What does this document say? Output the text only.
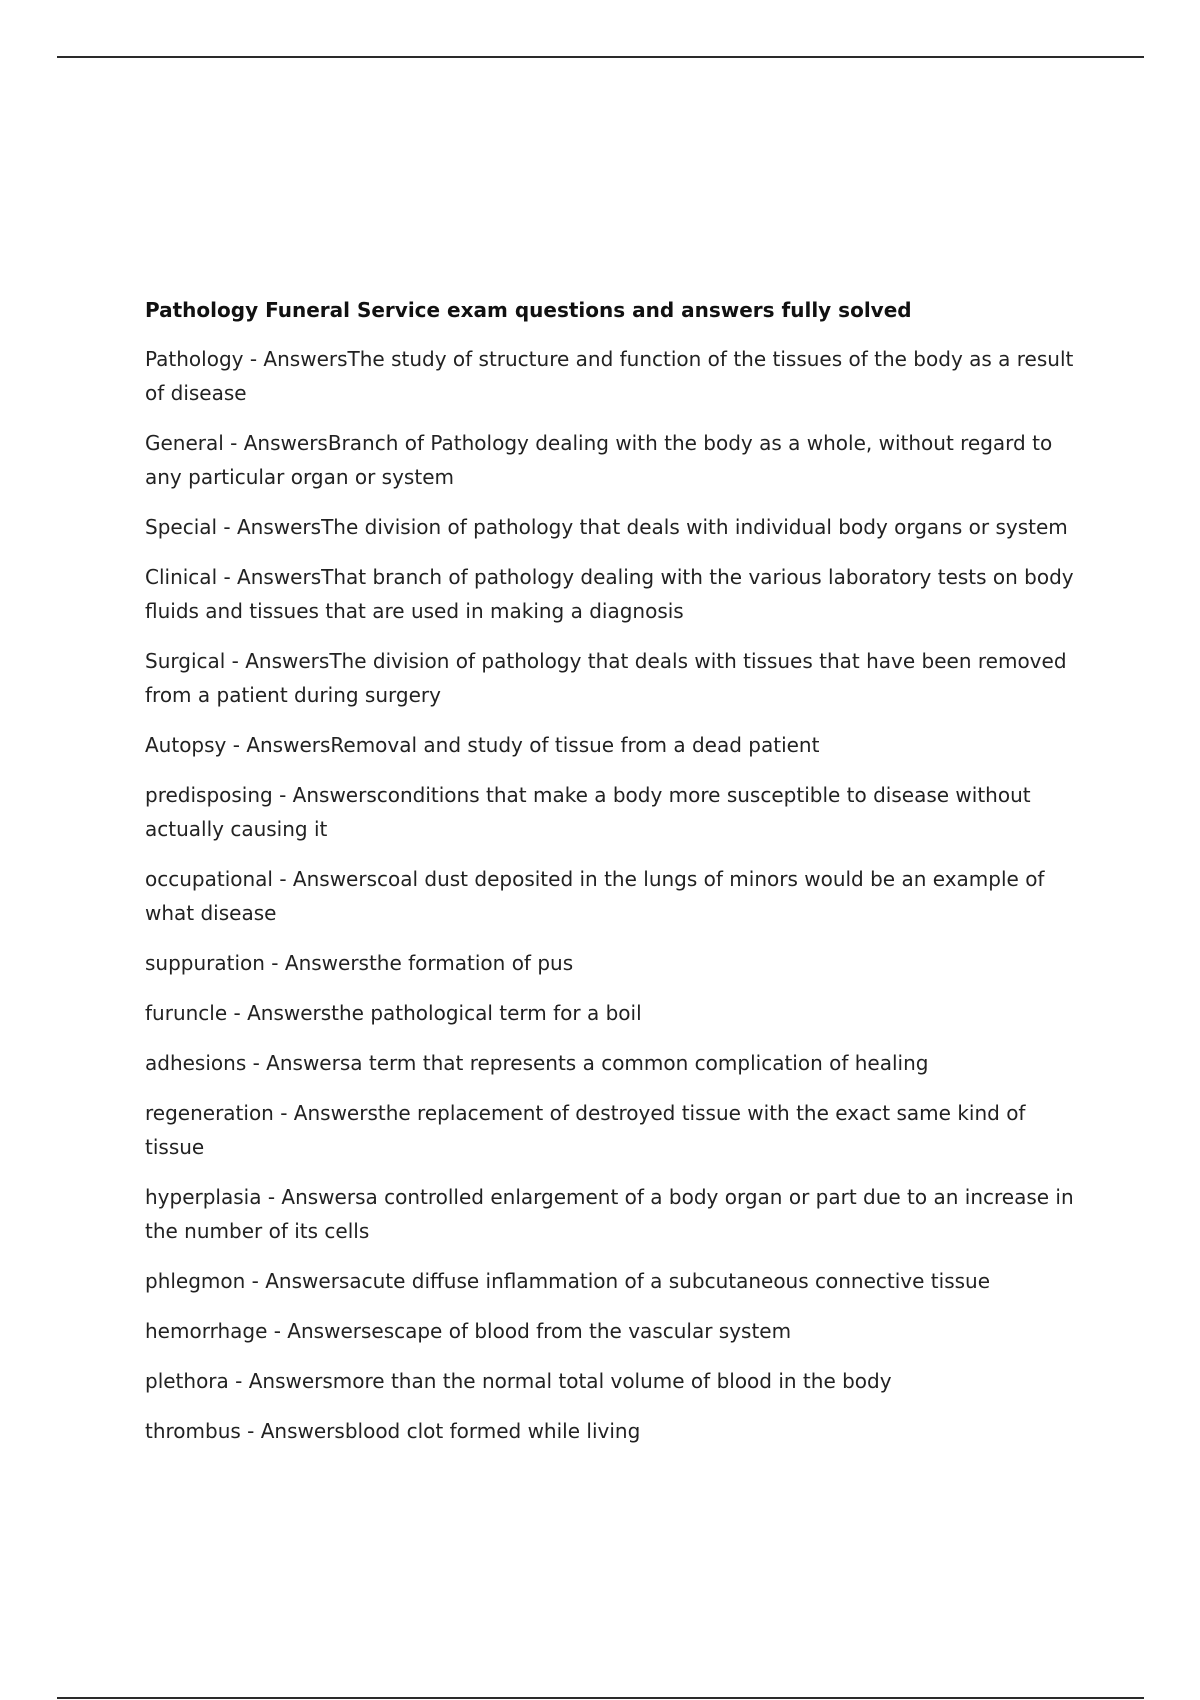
Pathology Funeral Service exam questions and answers fully solved
Pathology - AnswersThe study of structure and function of the tissues of the body as a result of disease
General - AnswersBranch of Pathology dealing with the body as a whole, without regard to any particular organ or system
Special - AnswersThe division of pathology that deals with individual body organs or system
Clinical - AnswersThat branch of pathology dealing with the various laboratory tests on body fluids and tissues that are used in making a diagnosis
Surgical - AnswersThe division of pathology that deals with tissues that have been removed from a patient during surgery
Autopsy - AnswersRemoval and study of tissue from a dead patient
predisposing - Answersconditions that make a body more susceptible to disease without actually causing it
occupational - Answerscoal dust deposited in the lungs of minors would be an example of what disease
suppuration - Answersthe formation of pus
furuncle - Answersthe pathological term for a boil
adhesions - Answersa term that represents a common complication of healing
regeneration - Answersthe replacement of destroyed tissue with the exact same kind of tissue
hyperplasia - Answersa controlled enlargement of a body organ or part due to an increase in the number of its cells
phlegmon - Answersacute diffuse inflammation of a subcutaneous connective tissue
hemorrhage - Answersescape of blood from the vascular system
plethora - Answersmore than the normal total volume of blood in the body
thrombus - Answersblood clot formed while living
